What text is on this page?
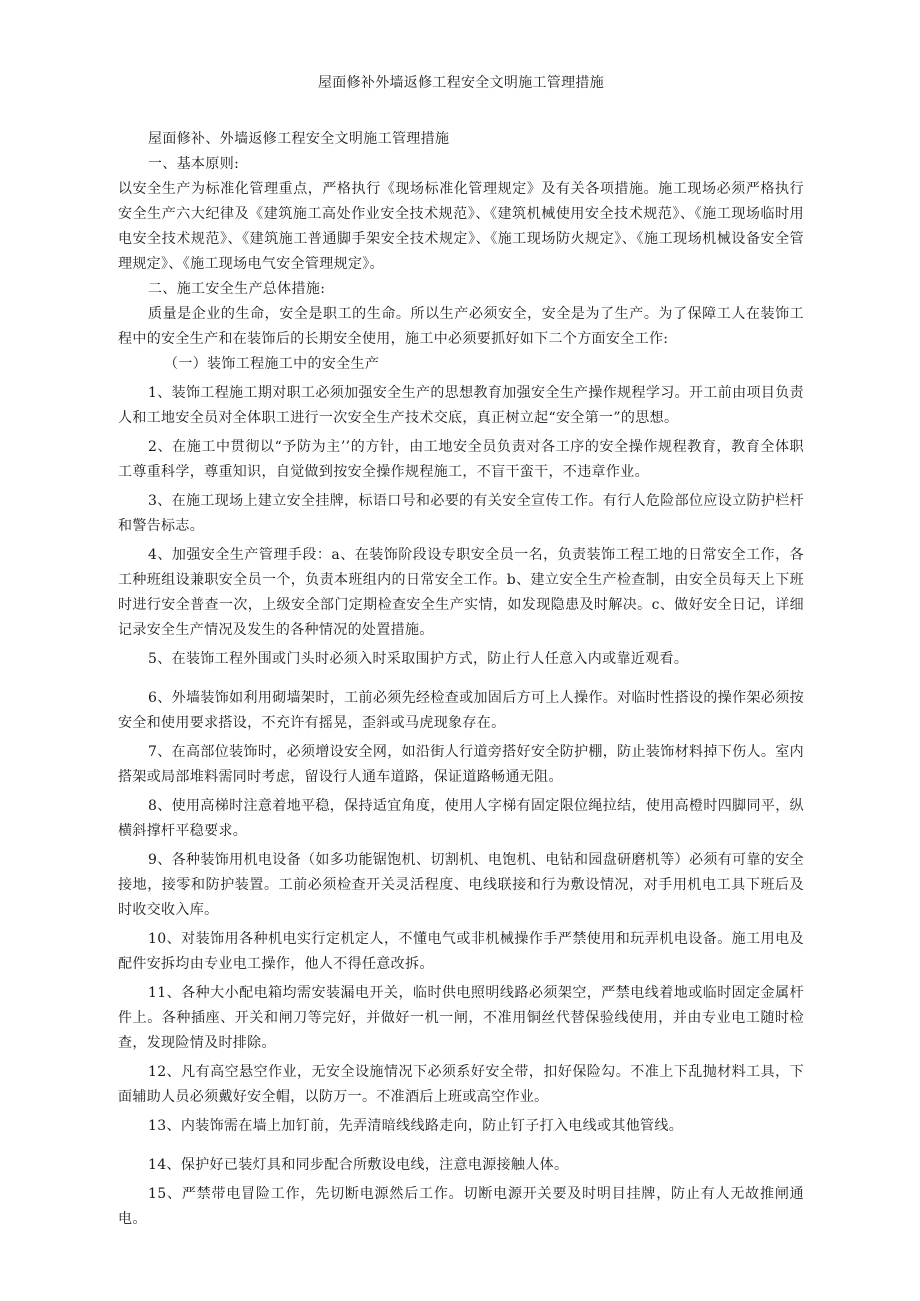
屋面修补外墙返修工程安全文明施工管理措施

屋面修补、外墙返修工程安全文明施工管理措施

一、基本原则:

以安全生产为标准化管理重点，严格执行《现场标准化管理规定》及有关各项措施。施工现场必须严格执行安全生产六大纪律及《建筑施工高处作业安全技术规范》、《建筑机械使用安全技术规范》、《施工现场临时用电安全技术规范》、《建筑施工普通脚手架安全技术规定》、《施工现场防火规定》、《施工现场机械设备安全管理规定》、《施工现场电气安全管理规定》。

二、施工安全生产总体措施:

质量是企业的生命，安全是职工的生命。所以生产必须安全，安全是为了生产。为了保障工人在装饰工程中的安全生产和在装饰后的长期安全使用，施工中必须要抓好如下二个方面安全工作:

（一）装饰工程施工中的安全生产

1、装饰工程施工期对职工必须加强安全生产的思想教育加强安全生产操作规程学习。开工前由项目负责人和工地安全员对全体职工进行一次安全生产技术交底，真正树立起“安全第一”的思想。

2、在施工中贯彻以“予防为主’’的方针，由工地安全员负责对各工序的安全操作规程教育，教育全体职工尊重科学，尊重知识，自觉做到按安全操作规程施工，不盲干蛮干，不违章作业。

3、在施工现场上建立安全挂牌，标语口号和必要的有关安全宣传工作。有行人危险部位应设立防护栏杆和警告标志。

4、加强安全生产管理手段：a、在装饰阶段设专职安全员一名，负责装饰工程工地的日常安全工作，各工种班组设兼职安全员一个，负责本班组内的日常安全工作。b、建立安全生产检查制，由安全员每天上下班时进行安全普查一次，上级安全部门定期检查安全生产实情，如发现隐患及时解决。c、做好安全日记，详细记录安全生产情况及发生的各种情况的处置措施。

5、在装饰工程外围或门头时必须入时采取围护方式，防止行人任意入内或靠近观看。

6、外墙装饰如利用砌墙架时，工前必须先经检查或加固后方可上人操作。对临时性搭设的操作架必须按安全和使用要求搭设，不充许有摇晃，歪斜或马虎现象存在。

7、在高部位装饰时，必须增设安全网，如沿街人行道旁搭好安全防护棚，防止装饰材料掉下伤人。室内搭架或局部堆料需同时考虑，留设行人通车道路，保证道路畅通无阻。

8、使用高梯时注意着地平稳，保持适宜角度，使用人字梯有固定限位绳拉结，使用高橙时四脚同平，纵横斜撑杆平稳要求。

9、各种装饰用机电设备（如多功能锯饱机、切割机、电饱机、电钻和园盘研磨机等）必须有可靠的安全接地，接零和防护装置。工前必须检查开关灵活程度、电线联接和行为敷设情况，对手用机电工具下班后及时收交收入库。

10、对装饰用各种机电实行定机定人，不懂电气或非机械操作手严禁使用和玩弄机电设备。施工用电及配件安拆均由专业电工操作，他人不得任意改拆。

11、各种大小配电箱均需安装漏电开关，临时供电照明线路必须架空，严禁电线着地或临时固定金属杆件上。各种插座、开关和闸刀等完好，并做好一机一闸，不准用铜丝代替保验线使用，并由专业电工随时检查，发现险情及时排除。

12、凡有高空悬空作业，无安全设施情况下必须系好安全带，扣好保险勾。不准上下乱抛材料工具，下面辅助人员必须戴好安全帽，以防万一。不准酒后上班或高空作业。

13、内装饰需在墙上加钉前，先弄清暗线线路走向，防止钉子打入电线或其他管线。

14、保护好已装灯具和同步配合所敷设电线，注意电源接触人体。

15、严禁带电冒险工作，先切断电源然后工作。切断电源开关要及时明目挂牌，防止有人无故推闸通电。
